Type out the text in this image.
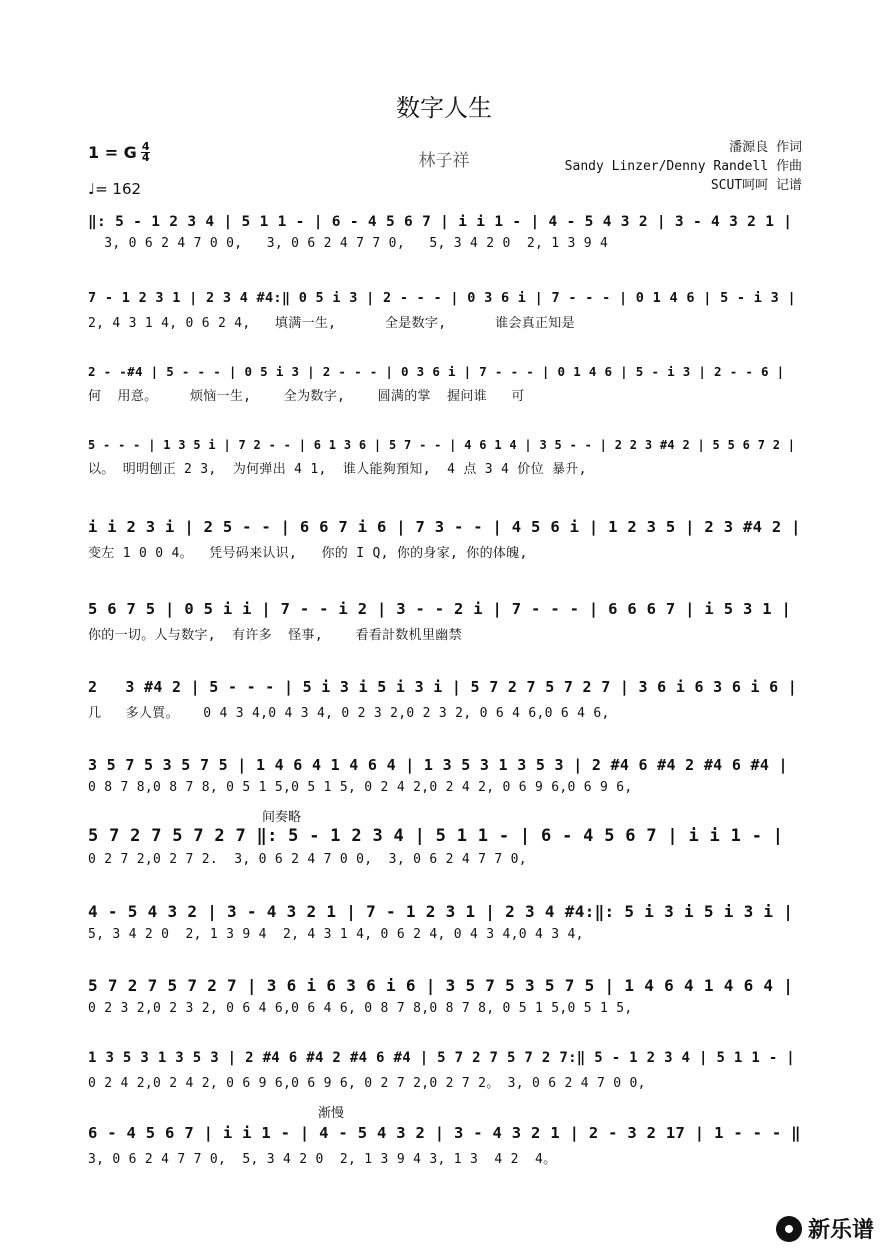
数字人生
1 = G $\frac{4}{4}$
♩= 162
林子祥
潘源良 作词
Sandy Linzer/Denny Randell 作曲
SCUT呵呵 记谱
间奏略
渐慢
‖: 5 - 1 2 3 4 | 5 1 1 - | 6 - 4 5 6 7 | i i 1 - | 4 - 5 4 3 2 | 3 - 4 3 2 1 |
3, 0 6 2 4 7 0 0,   3, 0 6 2 4 7 7 0,   5, 3 4 2 0  2, 1 3 9 4
7 - 1 2 3 1 | 2 3 4 #4:‖ 0 5 i 3 | 2 - - - | 0 3 6 i | 7 - - - | 0 1 4 6 | 5 - i 3 |
2, 4 3 1 4, 0 6 2 4,   填满一生,      全是数字,      谁会真正知是
2 - -#4 | 5 - - - | 0 5 i 3 | 2 - - - | 0 3 6 i | 7 - - - | 0 1 4 6 | 5 - i 3 | 2 - - 6 |
何  用意。    烦恼一生,    全为数字,    圆满的掌  握问谁   可
5 - - - | 1 3 5 i | 7 2 - - | 6 1 3 6 | 5 7 - - | 4 6 1 4 | 3 5 - - | 2 2 3 #4 2 | 5 5 6 7 2 |
以。 明明刨正 2 3,  为何弹出 4 1,  谁人能夠預知,  4 点 3 4 价位 暴升,
i i 2 3 i | 2 5 - - | 6 6 7 i 6 | 7 3 - - | 4 5 6 i | 1 2 3 5 | 2 3 #4 2 |
变左 1 0 0 4。  凭号码来认识,   你的 I Q, 你的身家, 你的体魄,
5 6 7 5 | 0 5 i i | 7 - - i 2 | 3 - - 2 i | 7 - - - | 6 6 6 7 | i 5 3 1 |
你的一切。人与数字,  有许多  怪事,    看看計数机里幽禁
2   3 #4 2 | 5 - - - | 5 i 3 i 5 i 3 i | 5 7 2 7 5 7 2 7 | 3 6 i 6 3 6 i 6 |
几   多人質。   0 4 3 4,0 4 3 4, 0 2 3 2,0 2 3 2, 0 6 4 6,0 6 4 6,
3 5 7 5 3 5 7 5 | 1 4 6 4 1 4 6 4 | 1 3 5 3 1 3 5 3 | 2 #4 6 #4 2 #4 6 #4 |
0 8 7 8,0 8 7 8, 0 5 1 5,0 5 1 5, 0 2 4 2,0 2 4 2, 0 6 9 6,0 6 9 6,
5 7 2 7 5 7 2 7 ‖: 5 - 1 2 3 4 | 5 1 1 - | 6 - 4 5 6 7 | i i 1 - |
0 2 7 2,0 2 7 2.  3, 0 6 2 4 7 0 0,  3, 0 6 2 4 7 7 0,
4 - 5 4 3 2 | 3 - 4 3 2 1 | 7 - 1 2 3 1 | 2 3 4 #4:‖: 5 i 3 i 5 i 3 i |
5, 3 4 2 0  2, 1 3 9 4  2, 4 3 1 4, 0 6 2 4, 0 4 3 4,0 4 3 4,
5 7 2 7 5 7 2 7 | 3 6 i 6 3 6 i 6 | 3 5 7 5 3 5 7 5 | 1 4 6 4 1 4 6 4 |
0 2 3 2,0 2 3 2, 0 6 4 6,0 6 4 6, 0 8 7 8,0 8 7 8, 0 5 1 5,0 5 1 5,
1 3 5 3 1 3 5 3 | 2 #4 6 #4 2 #4 6 #4 | 5 7 2 7 5 7 2 7:‖ 5 - 1 2 3 4 | 5 1 1 - |
0 2 4 2,0 2 4 2, 0 6 9 6,0 6 9 6, 0 2 7 2,0 2 7 2。 3, 0 6 2 4 7 0 0,
6 - 4 5 6 7 | i i 1 - | 4 - 5 4 3 2 | 3 - 4 3 2 1 | 2 - 3 2 17 | 1 - - - ‖
3, 0 6 2 4 7 7 0,  5, 3 4 2 0  2, 1 3 9 4 3, 1 3  4 2  4。
新乐谱
